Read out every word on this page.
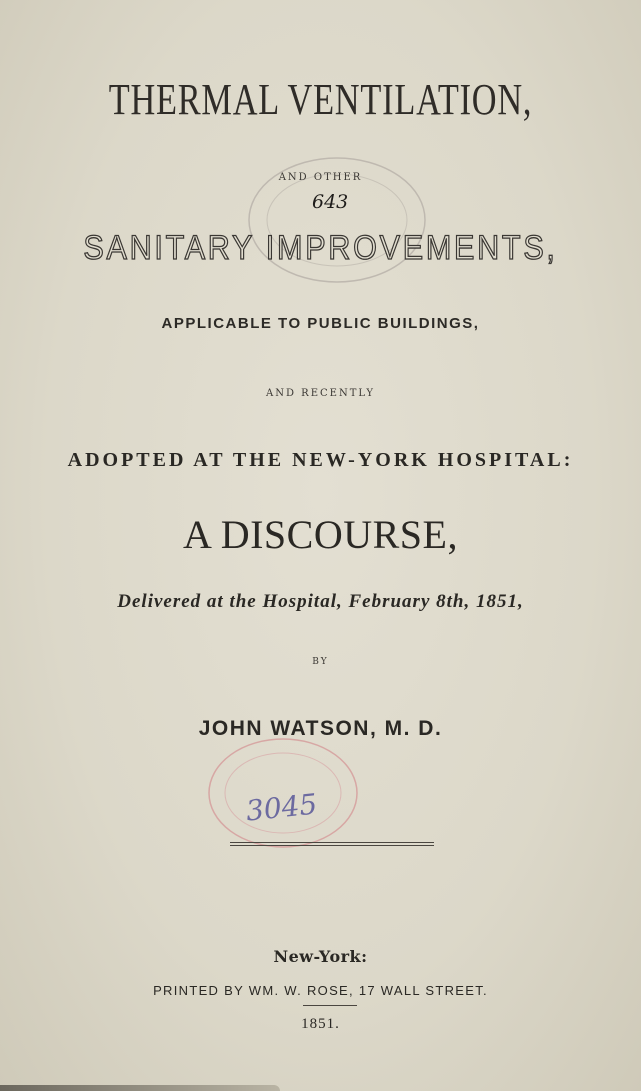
THERMAL VENTILATION,
AND OTHER
643
SANITARY IMPROVEMENTS,
APPLICABLE TO PUBLIC BUILDINGS,
AND RECENTLY
ADOPTED AT THE NEW-YORK HOSPITAL:
A DISCOURSE,
Delivered at the Hospital, February 8th, 1851,
BY
JOHN WATSON, M. D.
3045
New-York:
PRINTED BY WM. W. ROSE, 17 WALL STREET.
1851.
